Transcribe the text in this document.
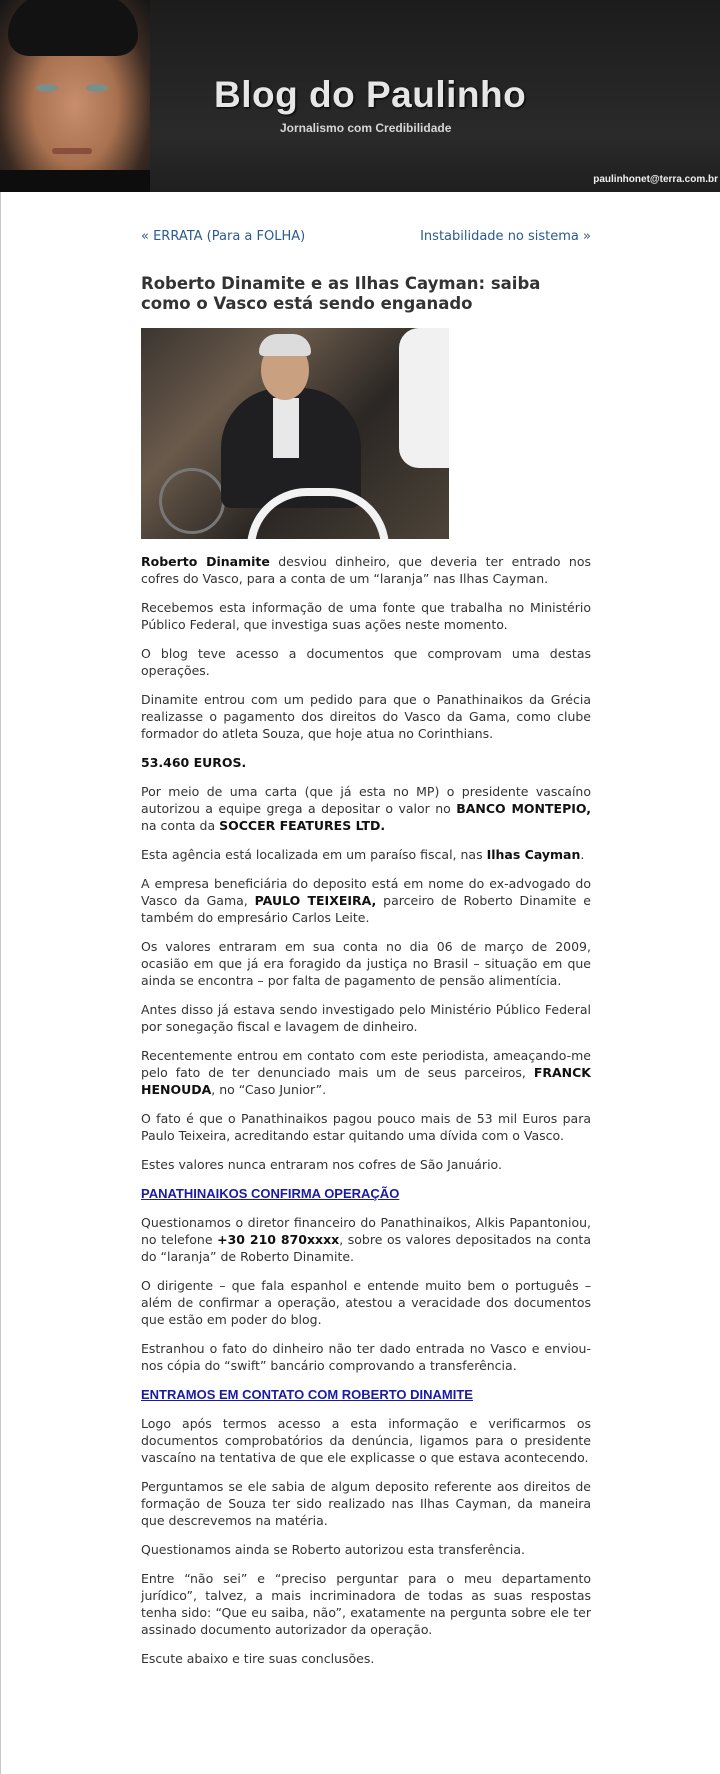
Blog do Paulinho
Jornalismo com Credibilidade
paulinhonet@terra.com.br
« ERRATA (Para a FOLHA)	Instabilidade no sistema »
Roberto Dinamite e as Ilhas Cayman: saiba como o Vasco está sendo enganado

Roberto Dinamite desviou dinheiro, que deveria ter entrado nos cofres do Vasco, para a conta de um “laranja” nas Ilhas Cayman.

Recebemos esta informação de uma fonte que trabalha no Ministério Público Federal, que investiga suas ações neste momento.

O blog teve acesso a documentos que comprovam uma destas operações.

Dinamite entrou com um pedido para que o Panathinaikos da Grécia realizasse o pagamento dos direitos do Vasco da Gama, como clube formador do atleta Souza, que hoje atua no Corinthians.

53.460 EUROS.

Por meio de uma carta (que já esta no MP) o presidente vascaíno autorizou a equipe grega a depositar o valor no BANCO MONTEPIO, na conta da SOCCER FEATURES LTD.

Esta agência está localizada em um paraíso fiscal, nas Ilhas Cayman.

A empresa beneficiária do deposito está em nome do ex-advogado do Vasco da Gama, PAULO TEIXEIRA, parceiro de Roberto Dinamite e também do empresário Carlos Leite.

Os valores entraram em sua conta no dia 06 de março de 2009, ocasião em que já era foragido da justiça no Brasil – situação em que ainda se encontra – por falta de pagamento de pensão alimentícia.

Antes disso já estava sendo investigado pelo Ministério Público Federal por sonegação fiscal e lavagem de dinheiro.

Recentemente entrou em contato com este periodista, ameaçando-me pelo fato de ter denunciado mais um de seus parceiros, FRANCK HENOUDA, no “Caso Junior”.

O fato é que o Panathinaikos pagou pouco mais de 53 mil Euros para Paulo Teixeira, acreditando estar quitando uma dívida com o Vasco.

Estes valores nunca entraram nos cofres de São Januário.

PANATHINAIKOS CONFIRMA OPERAÇÃO

Questionamos o diretor financeiro do Panathinaikos, Alkis Papantoniou, no telefone +30 210 870xxxx, sobre os valores depositados na conta do “laranja” de Roberto Dinamite.

O dirigente – que fala espanhol e entende muito bem o português – além de confirmar a operação, atestou a veracidade dos documentos que estão em poder do blog.

Estranhou o fato do dinheiro não ter dado entrada no Vasco e enviou-nos cópia do “swift” bancário comprovando a transferência.

ENTRAMOS EM CONTATO COM ROBERTO DINAMITE

Logo após termos acesso a esta informação e verificarmos os documentos comprobatórios da denúncia, ligamos para o presidente vascaíno na tentativa de que ele explicasse o que estava acontecendo.

Perguntamos se ele sabia de algum deposito referente aos direitos de formação de Souza ter sido realizado nas Ilhas Cayman, da maneira que descrevemos na matéria.

Questionamos ainda se Roberto autorizou esta transferência.

Entre “não sei” e “preciso perguntar para o meu departamento jurídico”, talvez, a mais incriminadora de todas as suas respostas tenha sido: “Que eu saiba, não”, exatamente na pergunta sobre ele ter assinado documento autorizador da operação.

Escute abaixo e tire suas conclusões.
